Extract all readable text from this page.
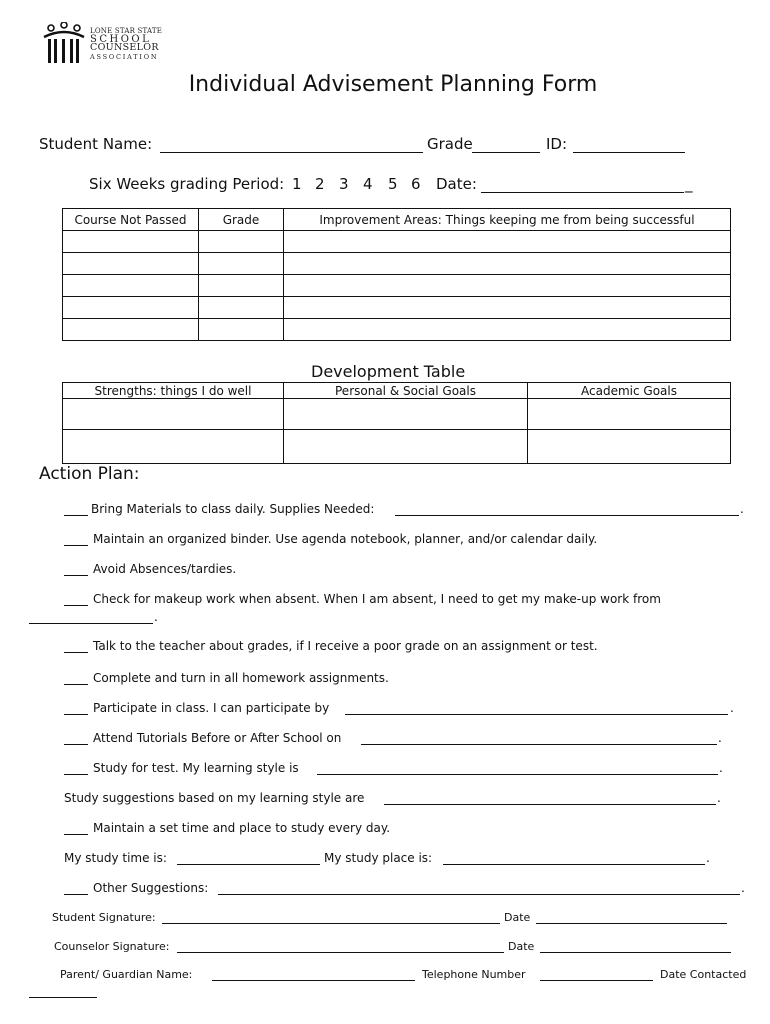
LONE STAR STATE
SCHOOL
COUNSELOR
ASSOCIATION
Individual Advisement Planning Form
Student Name:	Grade	ID:
Six Weeks grading Period: 1 2 3 4 5 6 Date:	_
Course Not Passed	Grade	Improvement Areas: Things keeping me from being successful

Development Table
Strengths: things I do well	Personal & Social Goals	Academic Goals

Action Plan:
Bring Materials to class daily. Supplies Needed:	.
Maintain an organized binder. Use agenda notebook, planner, and/or calendar daily.
Avoid Absences/tardies.
Check for makeup work when absent. When I am absent, I need to get my make-up work from
.
Talk to the teacher about grades, if I receive a poor grade on an assignment or test.
Complete and turn in all homework assignments.
Participate in class. I can participate by	.
Attend Tutorials Before or After School on	.
Study for test. My learning style is	.
Study suggestions based on my learning style are	.
Maintain a set time and place to study every day.
My study time is:	My study place is:	.
Other Suggestions:	.
Student Signature:	Date
Counselor Signature:	Date
Parent/ Guardian Name:	Telephone Number	Date Contacted
